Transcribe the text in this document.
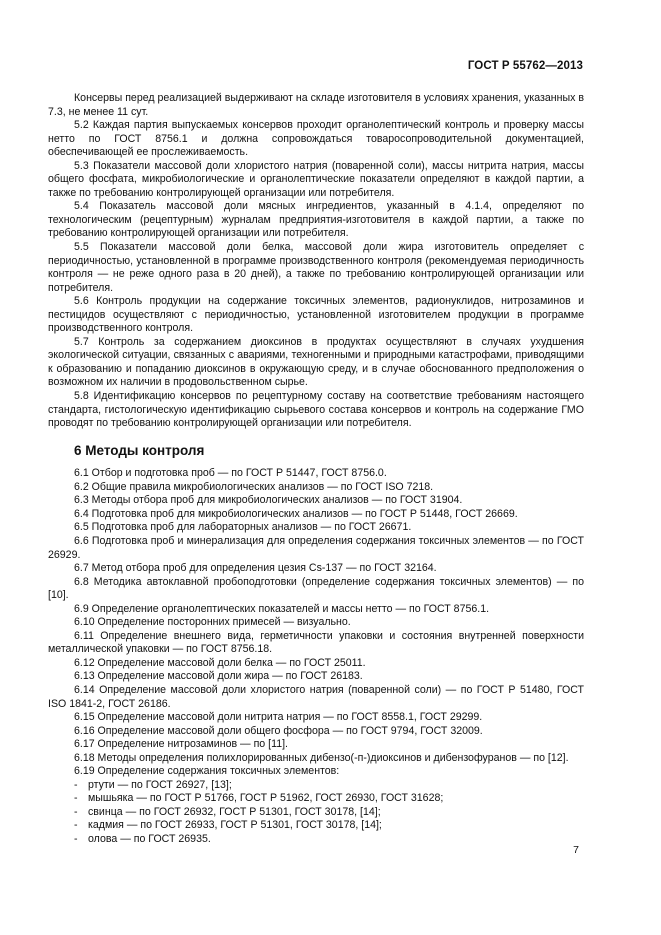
ГОСТ Р 55762—2013

Консервы перед реализацией выдерживают на складе изготовителя в условиях хранения, указанных в 7.3, не менее 11 сут.

5.2 Каждая партия выпускаемых консервов проходит органолептический контроль и проверку массы нетто по ГОСТ 8756.1 и должна сопровождаться товаросопроводительной документацией, обеспечивающей ее прослеживаемость.

5.3 Показатели массовой доли хлористого натрия (поваренной соли), массы нитрита натрия, массы общего фосфата, микробиологические и органолептические показатели определяют в каждой партии, а также по требованию контролирующей организации или потребителя.

5.4 Показатель массовой доли мясных ингредиентов, указанный в 4.1.4, определяют по технологическим (рецептурным) журналам предприятия-изготовителя в каждой партии, а также по требованию контролирующей организации или потребителя.

5.5 Показатели массовой доли белка, массовой доли жира изготовитель определяет с периодичностью, установленной в программе производственного контроля (рекомендуемая периодичность контроля — не реже одного раза в 20 дней), а также по требованию контролирующей организации или потребителя.

5.6 Контроль продукции на содержание токсичных элементов, радионуклидов, нитрозаминов и пестицидов осуществляют с периодичностью, установленной изготовителем продукции в программе производственного контроля.

5.7 Контроль за содержанием диоксинов в продуктах осуществляют в случаях ухудшения экологической ситуации, связанных с авариями, техногенными и природными катастрофами, приводящими к образованию и попаданию диоксинов в окружающую среду, и в случае обоснованного предположения о возможном их наличии в продовольственном сырье.

5.8 Идентификацию консервов по рецептурному составу на соответствие требованиям настоящего стандарта, гистологическую идентификацию сырьевого состава консервов и контроль на содержание ГМО проводят по требованию контролирующей организации или потребителя.

6 Методы контроля

6.1 Отбор и подготовка проб — по ГОСТ Р 51447, ГОСТ 8756.0.

6.2 Общие правила микробиологических анализов — по ГОСТ ISO 7218.

6.3 Методы отбора проб для микробиологических анализов — по ГОСТ 31904.

6.4 Подготовка проб для микробиологических анализов — по ГОСТ Р 51448, ГОСТ 26669.

6.5 Подготовка проб для лабораторных анализов — по ГОСТ 26671.

6.6 Подготовка проб и минерализация для определения содержания токсичных элементов — по ГОСТ 26929.

6.7 Метод отбора проб для определения цезия Cs-137 — по ГОСТ 32164.

6.8 Методика автоклавной пробоподготовки (определение содержания токсичных элементов) — по [10].

6.9 Определение органолептических показателей и массы нетто — по ГОСТ 8756.1.

6.10 Определение посторонних примесей — визуально.

6.11 Определение внешнего вида, герметичности упаковки и состояния внутренней поверхности металлической упаковки — по ГОСТ 8756.18.

6.12 Определение массовой доли белка — по ГОСТ 25011.

6.13 Определение массовой доли жира — по ГОСТ 26183.

6.14 Определение массовой доли хлористого натрия (поваренной соли) — по ГОСТ Р 51480, ГОСТ ISO 1841-2, ГОСТ 26186.

6.15 Определение массовой доли нитрита натрия — по ГОСТ 8558.1, ГОСТ 29299.

6.16 Определение массовой доли общего фосфора — по ГОСТ 9794, ГОСТ 32009.

6.17 Определение нитрозаминов — по [11].

6.18 Методы определения полихлорированных дибензо(-п-)диоксинов и дибензофуранов — по [12].

6.19 Определение содержания токсичных элементов:

- ртути — по ГОСТ 26927, [13];
- мышьяка — по ГОСТ Р 51766, ГОСТ Р 51962, ГОСТ 26930, ГОСТ 31628;
- свинца — по ГОСТ 26932, ГОСТ Р 51301, ГОСТ 30178, [14];
- кадмия — по ГОСТ 26933, ГОСТ Р 51301, ГОСТ 30178, [14];
- олова — по ГОСТ 26935.
7
